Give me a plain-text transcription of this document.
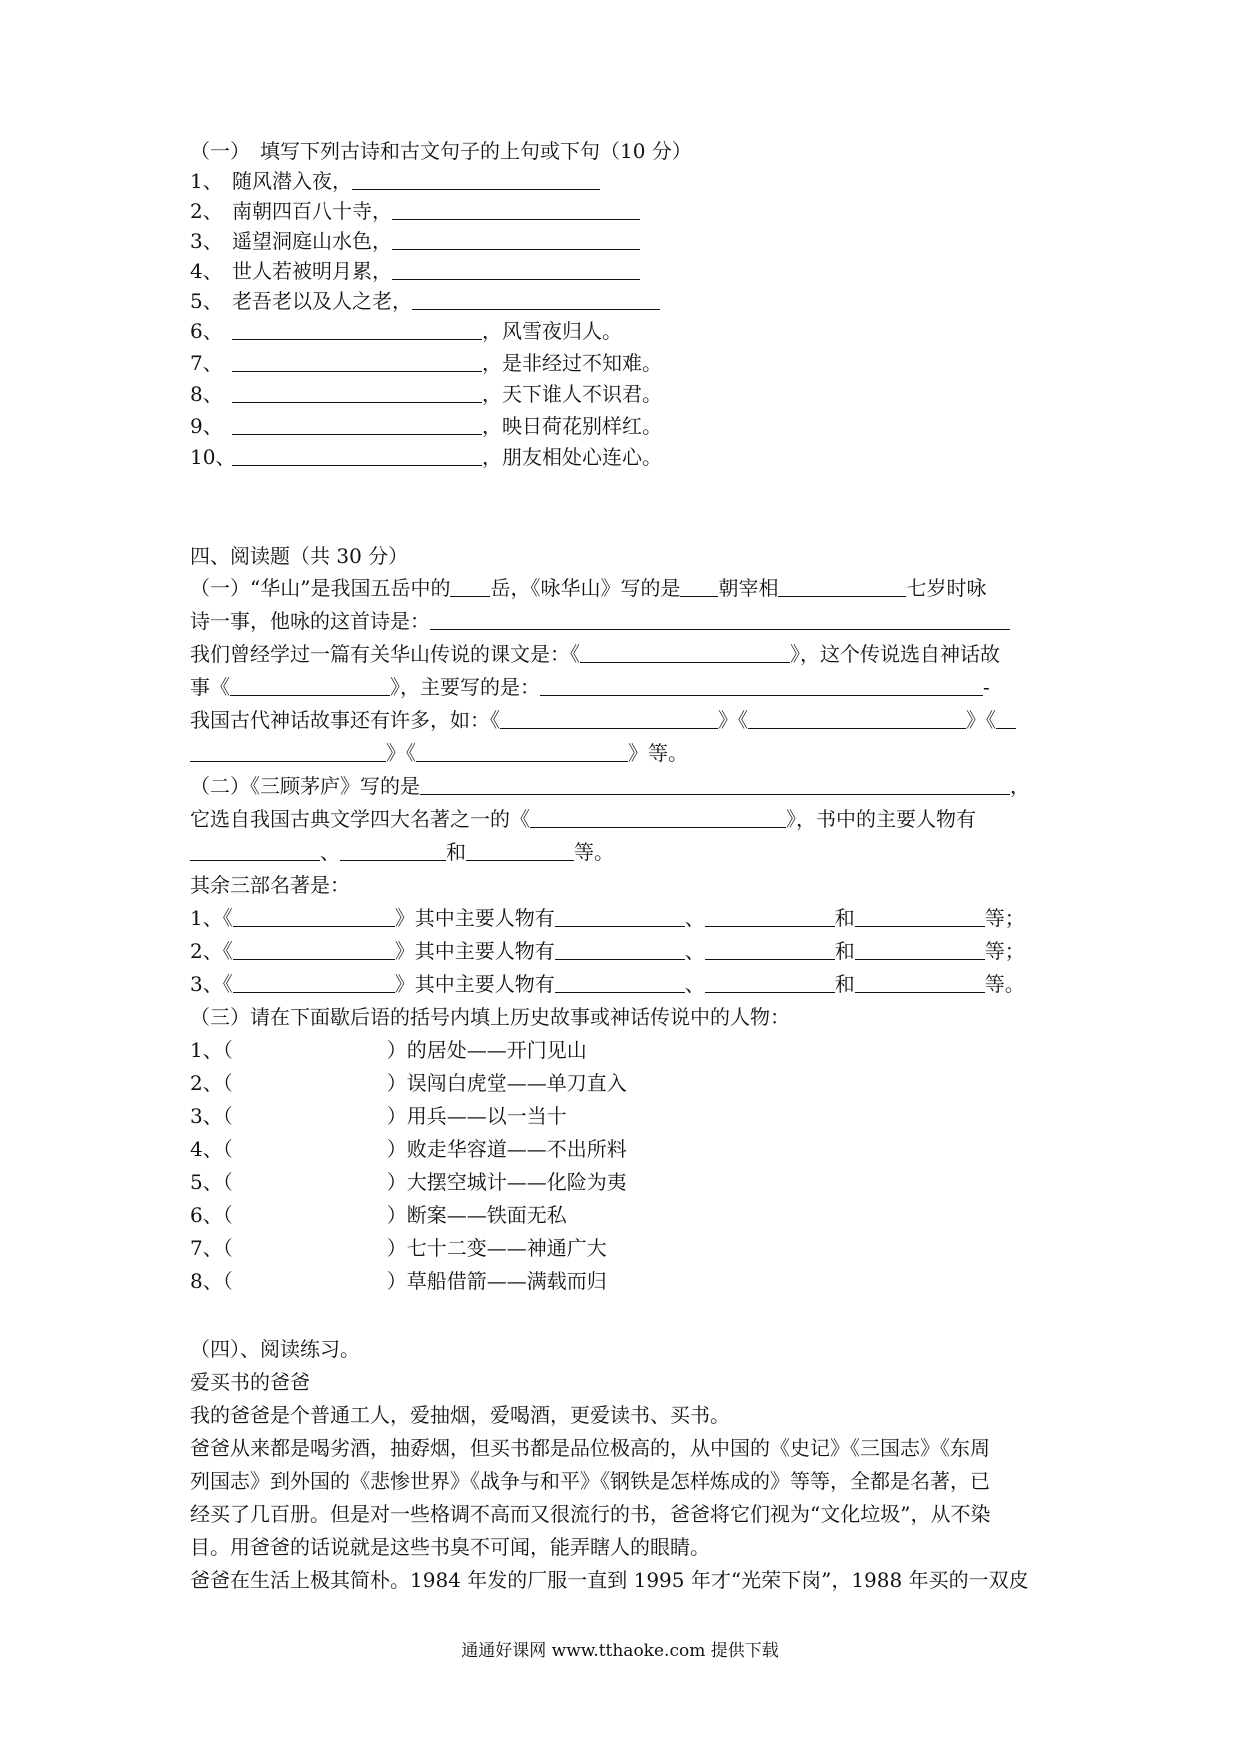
（一）　填写下列古诗和古文句子的上句或下句（10 分）
1、 随风潜入夜，
2、 南朝四百八十寺，
3、 遥望洞庭山水色，
4、 世人若被明月累，
5、 老吾老以及人之老，
6、	，风雪夜归人。
7、	，是非经过不知难。
8、	，天下谁人不识君。
9、	，映日荷花别样红。
10、	，朋友相处心连心。
四、阅读题（共 30 分）
（一）“华山”是我国五岳中的 岳，《咏华山》写的是 朝宰相	七岁时咏
诗一事，他咏的这首诗是：
我们曾经学过一篇有关华山传说的课文是：《	》，这个传说选自神话故
事《	》，主要写的是：	-
我国古代神话故事还有许多，如：《	》《	》《
》《	》等。
（二）《三顾茅庐》写的是	，
它选自我国古典文学四大名著之一的《	》，书中的主要人物有
、	和	等。
其余三部名著是：
1、《	》其中主要人物有	、	和	等；
2、《	》其中主要人物有	、	和	等；
3、《	》其中主要人物有	、	和	等。
（三）请在下面歇后语的括号内填上历史故事或神话传说中的人物：
1、（	）的居处——开门见山
2、（	）误闯白虎堂——单刀直入
3、（	）用兵——以一当十
4、（	）败走华容道——不出所料
5、（	）大摆空城计——化险为夷
6、（	）断案——铁面无私
7、（	）七十二变——神通广大
8、（	）草船借箭——满载而归
（四）、阅读练习。
爱买书的爸爸
我的爸爸是个普通工人，爱抽烟，爱喝酒，更爱读书、买书。
爸爸从来都是喝劣酒，抽孬烟，但买书都是品位极高的，从中国的《史记》《三国志》《东周
列国志》到外国的《悲惨世界》《战争与和平》《钢铁是怎样炼成的》等等，全都是名著，已
经买了几百册。但是对一些格调不高而又很流行的书，爸爸将它们视为“文化垃圾”，从不染
目。用爸爸的话说就是这些书臭不可闻，能弄瞎人的眼睛。
爸爸在生活上极其简朴。1984 年发的厂服一直到 1995 年才“光荣下岗”，1988 年买的一双皮
通通好课网 www.tthaoke.com 提供下载
